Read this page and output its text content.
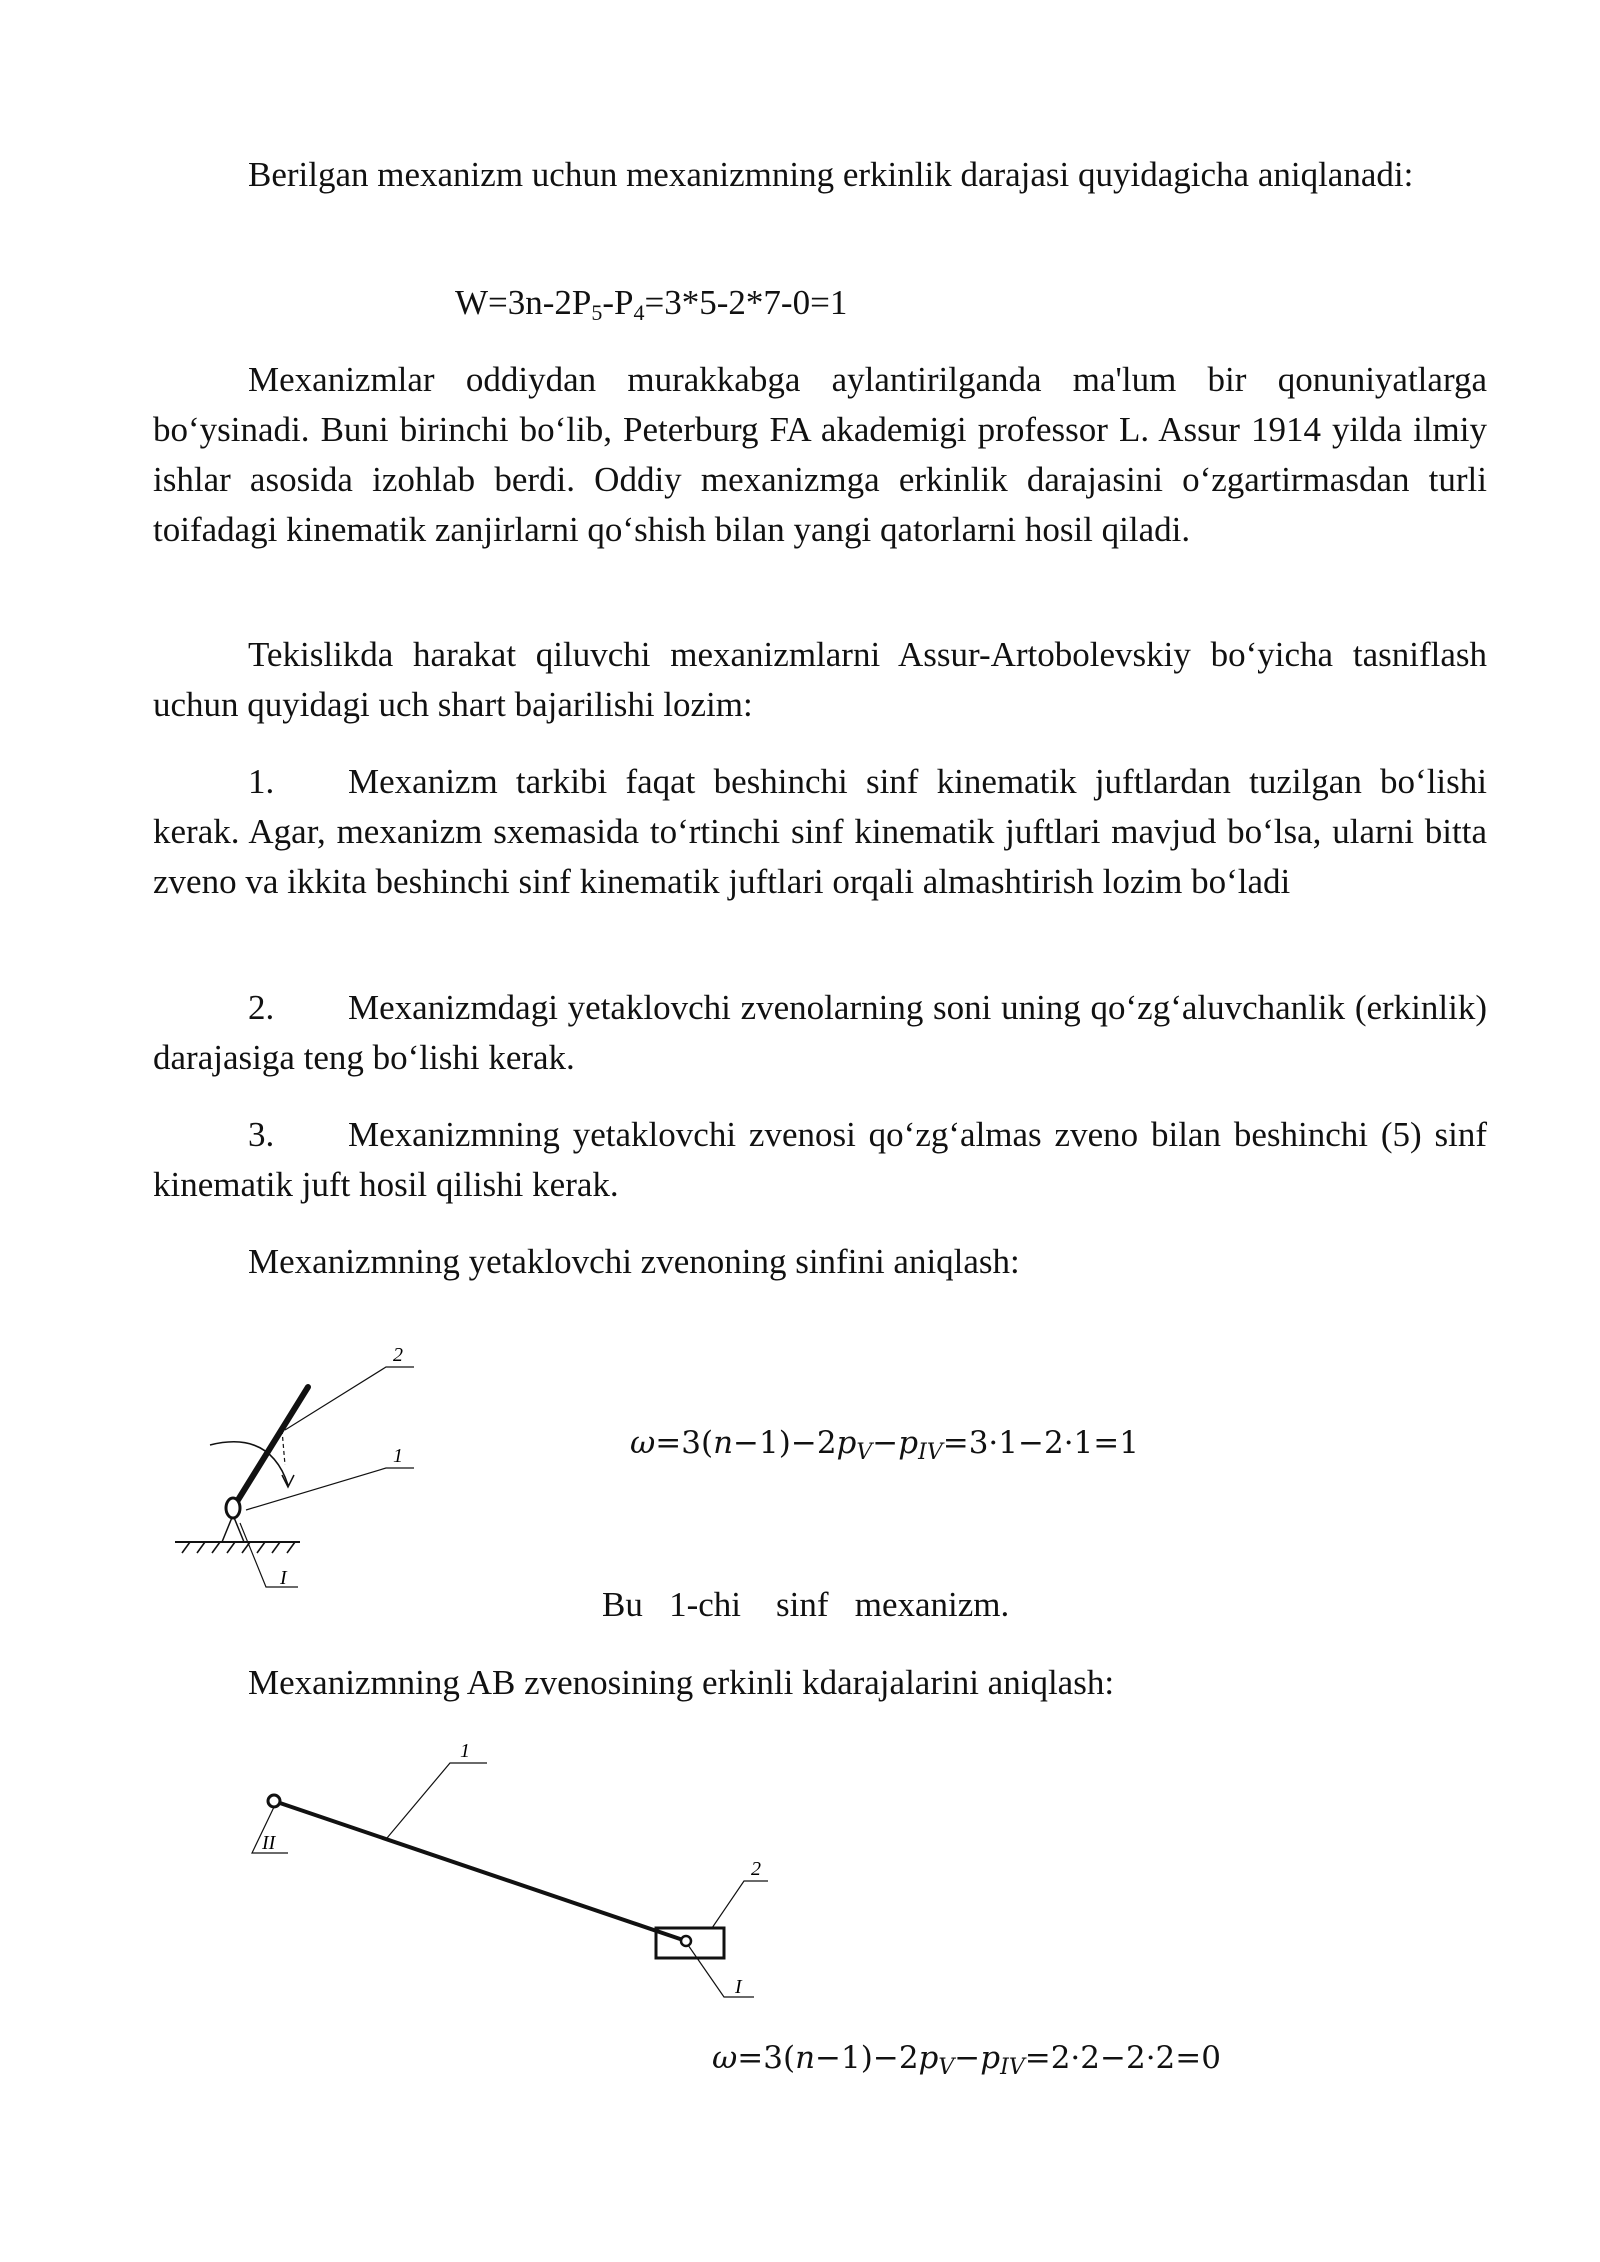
Berilgan mexanizm uchun mexanizmning erkinlik darajasi quyidagicha aniqlanadi:

$W=3n-2P_5-P_4=3*5-2*7-0=1$

Mexanizmlar oddiydan murakkabga aylantirilganda ma'lum bir qonuniyatlarga bo‘ysinadi. Buni birinchi bo‘lib, Peterburg FA akademigi professor L. Assur 1914 yilda ilmiy ishlar asosida izohlab berdi. Oddiy mexanizmga erkinlik darajasini o‘zgartirmasdan turli toifadagi kinematik zanjirlarni qo‘shish bilan yangi qatorlarni hosil qiladi.

Tekislikda harakat qiluvchi mexanizmlarni Assur-Artobolevskiy bo‘yicha tasniflash uchun quyidagi uch shart bajarilishi lozim:

1. Mexanizm tarkibi faqat beshinchi sinf kinematik juftlardan tuzilgan bo‘lishi kerak. Agar, mexanizm sxemasida to‘rtinchi sinf kinematik juftlari mavjud bo‘lsa, ularni bitta zveno va ikkita beshinchi sinf kinematik juftlari orqali almashtirish lozim bo‘ladi

2. Mexanizmdagi yetaklovchi zvenolarning soni uning qo‘zg‘aluvchanlik (erkinlik) darajasiga teng bo‘lishi kerak.

3. Mexanizmning yetaklovchi zvenosi qo‘zg‘almas zveno bilan beshinchi (5) sinf kinematik juft hosil qilishi kerak.

Mexanizmning yetaklovchi zvenoning sinfini aniqlash:

2
1
I
$\omega=3(n-1)-2p_V-p_{IV}=3\cdot 1-2\cdot 1=1$

Bu   1-chi    sinf   mexanizm.

Mexanizmning AB zvenosining erkinli kdarajalarini aniqlash:

1
II
2
I
$\omega=3(n-1)-2p_V-p_{IV}=2\cdot 2-2\cdot 2=0$
